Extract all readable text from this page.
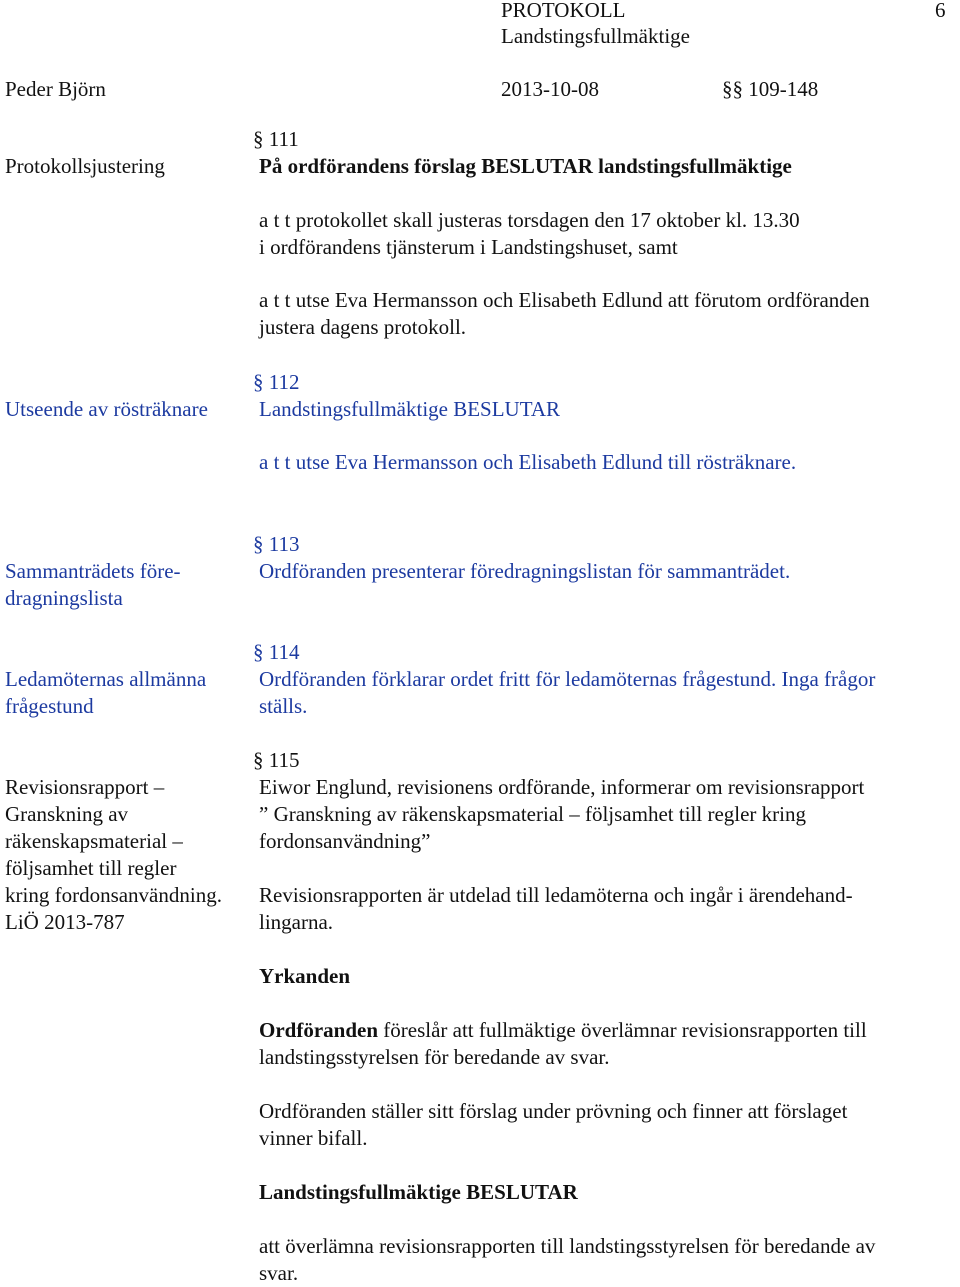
PROTOKOLL	6
Landstingsfullmäktige
Peder Björn	2013-10-08	§§ 109-148
Protokollsjustering
§ 111
På ordförandens förslag BESLUTAR landstingsfullmäktige
a t t protokollet skall justeras torsdagen den 17 oktober kl. 13.30
i ordförandens tjänsterum i Landstingshuset, samt
a t t utse Eva Hermansson och Elisabeth Edlund att förutom ordföranden
justera dagens protokoll.
Utseende av rösträknare
§ 112
Landstingsfullmäktige BESLUTAR
a t t utse Eva Hermansson och Elisabeth Edlund till rösträknare.
Sammanträdets före-
dragningslista
§ 113
Ordföranden presenterar föredragningslistan för sammanträdet.
Ledamöternas allmänna
frågestund
§ 114
Ordföranden förklarar ordet fritt för ledamöternas frågestund. Inga frågor
ställs.
Revisionsrapport –
Granskning av
räkenskapsmaterial –
följsamhet till regler
kring fordonsanvändning.
LiÖ 2013-787
§ 115
Eiwor Englund, revisionens ordförande, informerar om revisionsrapport
” Granskning av räkenskapsmaterial – följsamhet till regler kring
fordonsanvändning”
Revisionsrapporten är utdelad till ledamöterna och ingår i ärendehand-
lingarna.
Yrkanden
Ordföranden föreslår att fullmäktige överlämnar revisionsrapporten till
landstingsstyrelsen för beredande av svar.
Ordföranden ställer sitt förslag under prövning och finner att förslaget
vinner bifall.
Landstingsfullmäktige BESLUTAR
att överlämna revisionsrapporten till landstingsstyrelsen för beredande av
svar.
